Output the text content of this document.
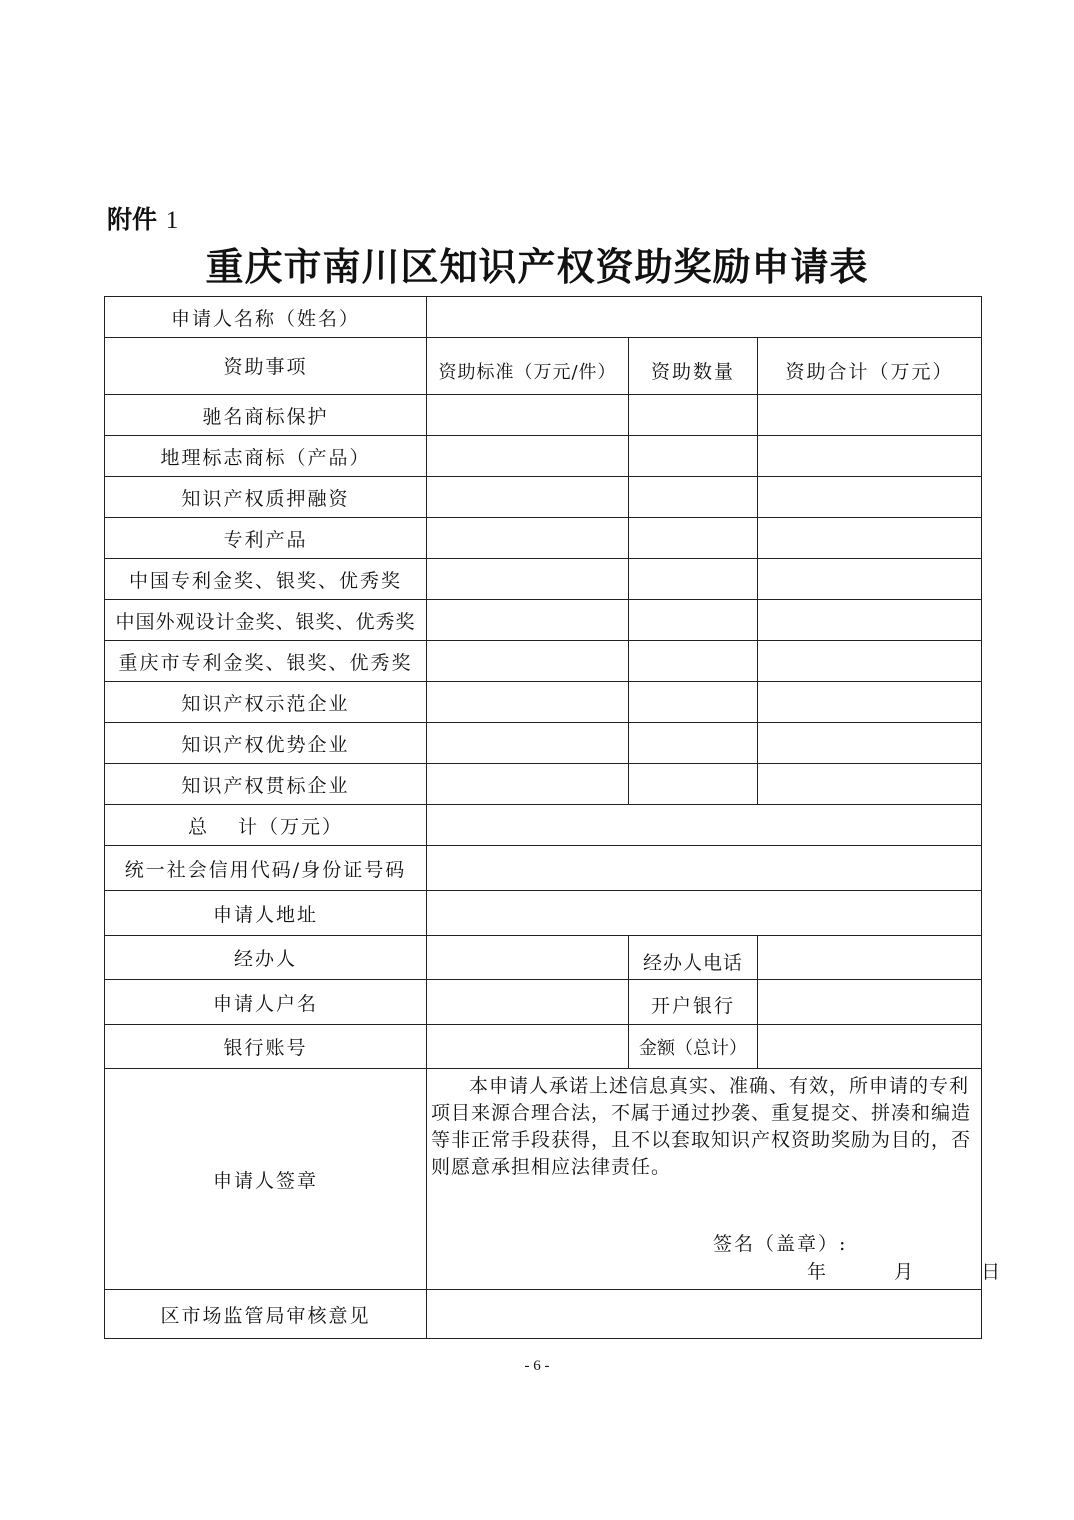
附件 1
重庆市南川区知识产权资助奖励申请表
申请人名称（姓名）			
资助事项	资助标准（万元/件）	资助数量	资助合计（万元）
驰名商标保护			
地理标志商标（产品）			
知识产权质押融资			
专利产品			
中国专利金奖、银奖、优秀奖			
中国外观设计金奖、银奖、优秀奖			
重庆市专利金奖、银奖、优秀奖			
知识产权示范企业			
知识产权优势企业			
知识产权贯标企业			
总　 计（万元）			
统一社会信用代码/身份证号码			
申请人地址			
经办人		经办人电话	
申请人户名		开户银行	
银行账号		金额（总计）	
申请人签章	本申请人承诺上述信息真实、准确、有效，所申请的专利项目来源合理合法，不属于通过抄袭、重复提交、拼凑和编造等非正常手段获得，且不以套取知识产权资助奖励为目的，否则愿意承担相应法律责任。
签名（盖章）:
年 月 日		

区市场监管局审核意见			
- 6 -
